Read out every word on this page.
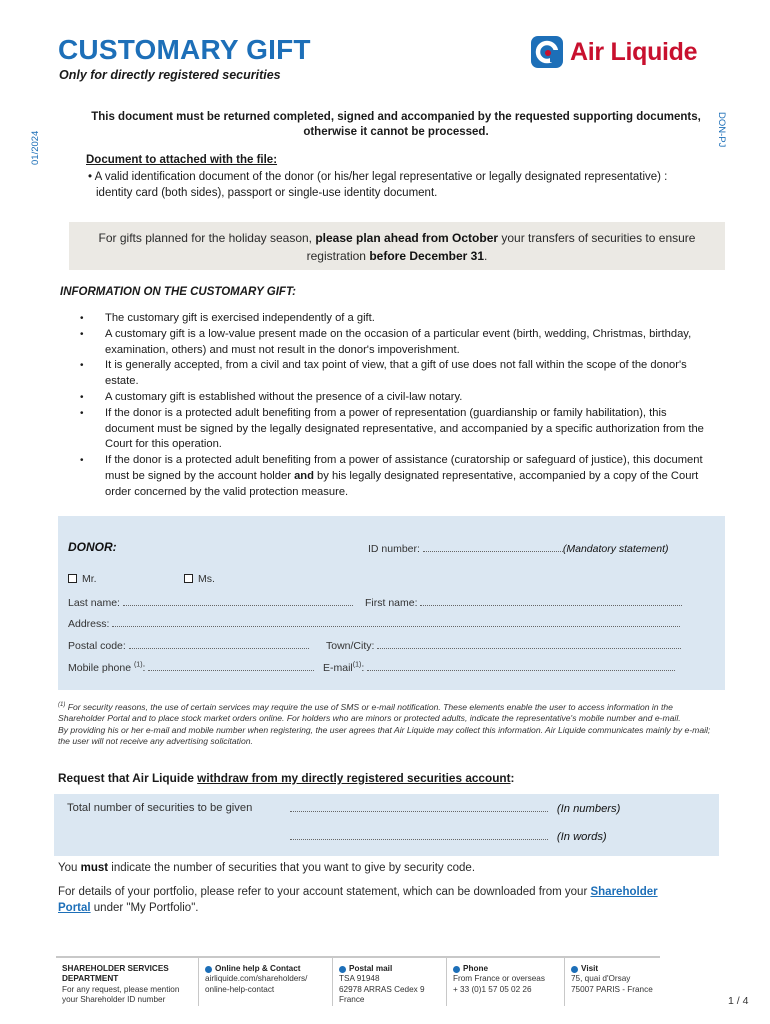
CUSTOMARY GIFT
Only for directly registered securities
Air Liquide
01/2024
DON-PJ
This document must be returned completed, signed and accompanied by the requested supporting documents, otherwise it cannot be processed.
Document to attached with the file:
• A valid identification document of the donor (or his/her legal representative or legally designated representative) : identity card (both sides), passport or single-use identity document.
For gifts planned for the holiday season, please plan ahead from October your transfers of securities to ensure registration before December 31.
INFORMATION ON THE CUSTOMARY GIFT:
• The customary gift is exercised independently of a gift.
• A customary gift is a low-value present made on the occasion of a particular event (birth, wedding, Christmas, birthday, examination, others) and must not result in the donor's impoverishment.
• It is generally accepted, from a civil and tax point of view, that a gift of use does not fall within the scope of the donor's estate.
• A customary gift is established without the presence of a civil-law notary.
• If the donor is a protected adult benefiting from a power of representation (guardianship or family habilitation), this document must be signed by the legally designated representative, and accompanied by a specific authorization from the Court for this operation.
• If the donor is a protected adult benefiting from a power of assistance (curatorship or safeguard of justice), this document must be signed by the account holder and by his legally designated representative, accompanied by a copy of the Court order concerned by the valid protection measure.
DONOR:	ID number:	(Mandatory statement)
Mr.	Ms.
Last name:	First name:
Address:
Postal code:	Town/City:
Mobile phone $^{(1)}$:	E-mail$^{(1)}$:
$^{(1)}$ For security reasons, the use of certain services may require the use of SMS or e-mail notification. These elements enable the user to access information in the Shareholder Portal and to place stock market orders online. For holders who are minors or protected adults, indicate the representative's mobile number and e-mail.
By providing his or her e-mail and mobile number when registering, the user agrees that Air Liquide may collect this information. Air Liquide communicates mainly by e-mail; the user will not receive any advertising solicitation.
Request that Air Liquide withdraw from my directly registered securities account:
Total number of securities to be given	(In numbers)
(In words)
You must indicate the number of securities that you want to give by security code.
For details of your portfolio, please refer to your account statement, which can be downloaded from your Shareholder Portal under "My Portfolio".
SHAREHOLDER SERVICES
DEPARTMENT
For any request, please mention
your Shareholder ID number
Online help & Contact
airliquide.com/shareholders/
online-help-contact
Postal mail
TSA 91948
62978 ARRAS Cedex 9
France
Phone
From France or overseas
+ 33 (0)1 57 05 02 26
Visit
75, quai d'Orsay
75007 PARIS - France
1 / 4
